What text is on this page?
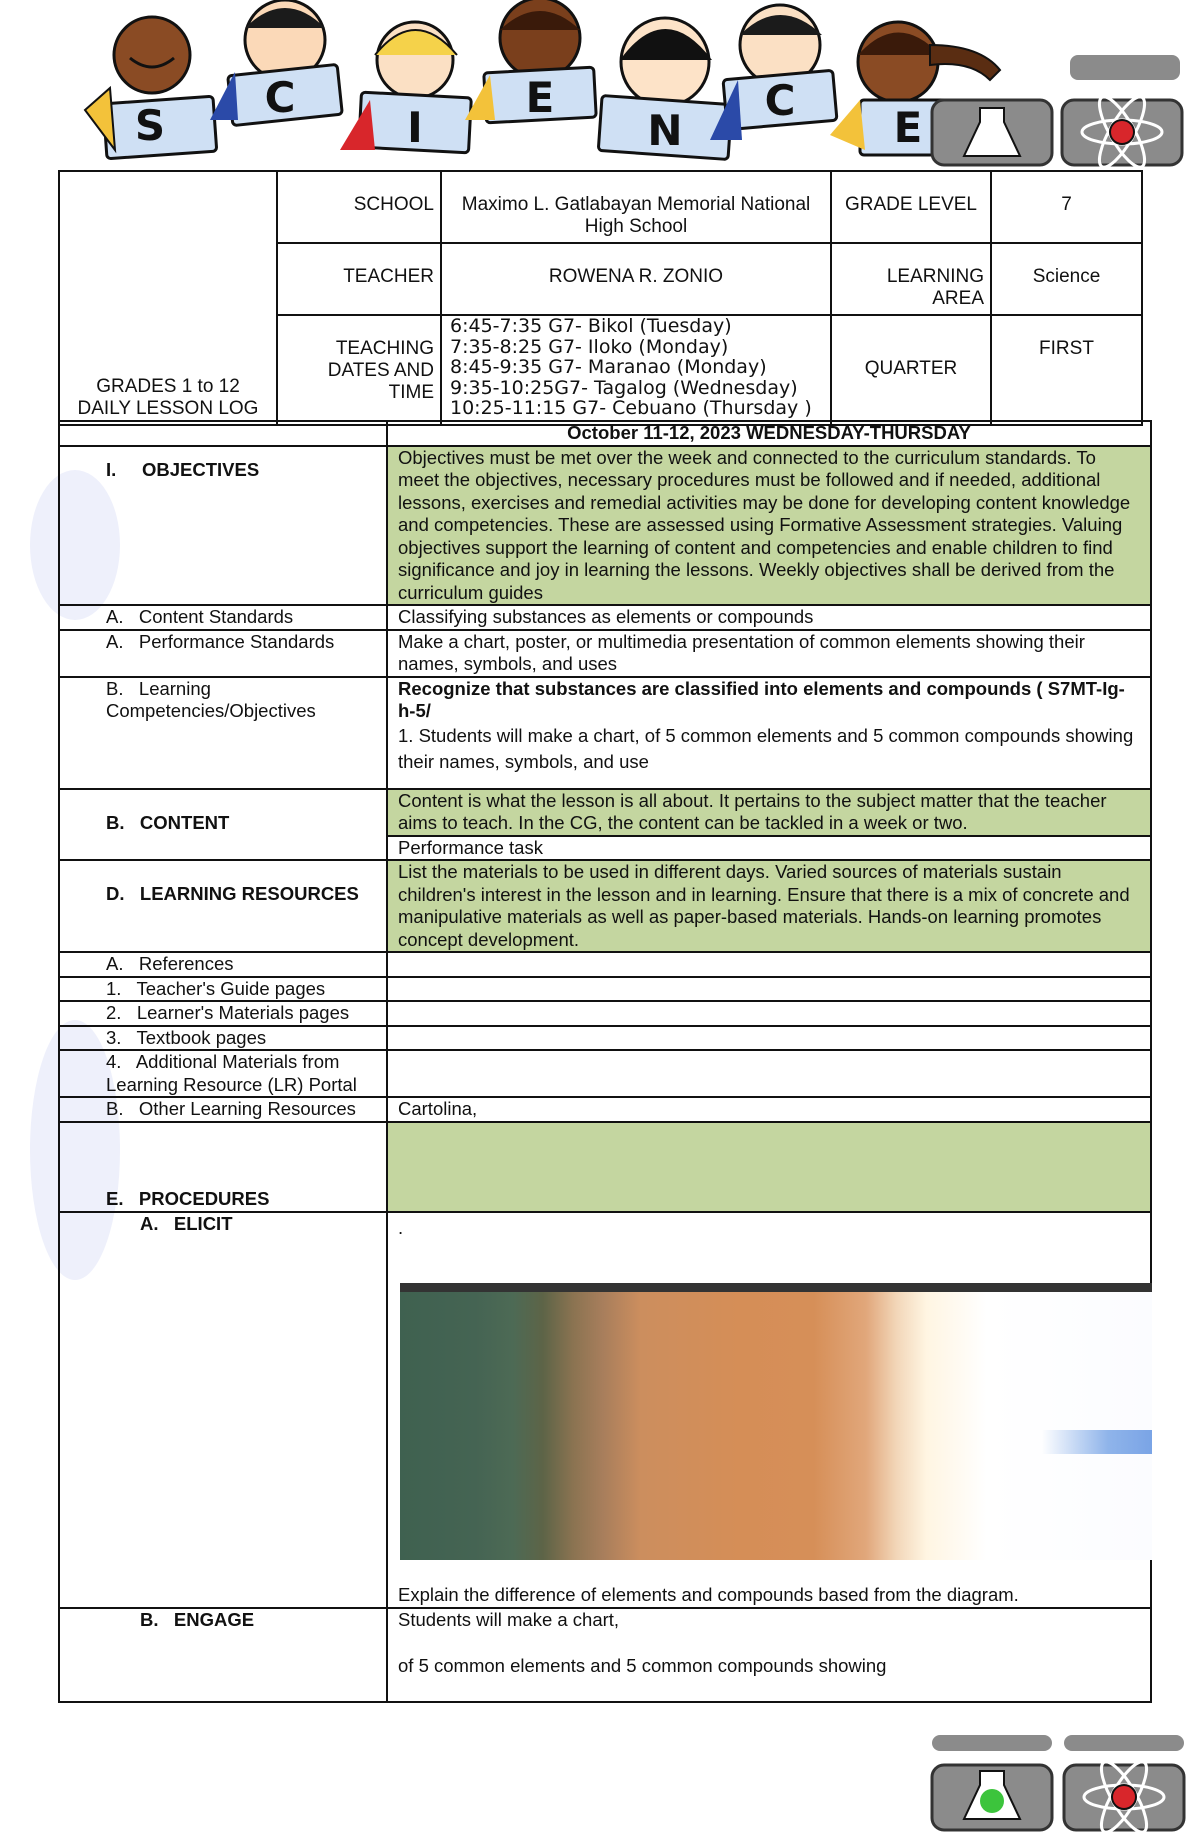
S
C
I
E
N
C
E
GRADES 1 to 12
DAILY LESSON LOG	SCHOOL	Maximo L. Gatlabayan Memorial National High School	GRADE LEVEL	7
	TEACHER	ROWENA R. ZONIO	LEARNING AREA	Science
	TEACHING DATES AND TIME	6:45-7:35 G7- Bikol (Tuesday)
7:35-8:25 G7- Iloko (Monday)
8:45-9:35 G7- Maranao (Monday)
9:35-10:25G7- Tagalog (Wednesday)
10:25-11:15 G7- Cebuano (Thursday )	QUARTER	FIRST
	October 11-12, 2023 WEDNESDAY-THURSDAY
I.     OBJECTIVES	Objectives must be met over the week and connected to the curriculum standards. To meet the objectives, necessary procedures must be followed and if needed, additional lessons, exercises and remedial activities may be done for developing content knowledge and competencies. These are assessed using Formative Assessment strategies. Valuing objectives support the learning of content and competencies and enable children to find significance and joy in learning the lessons. Weekly objectives shall be derived from the curriculum guides
A.   Content Standards	Classifying substances as elements or compounds
A.   Performance Standards	Make a chart, poster, or multimedia presentation of common elements showing their names, symbols, and uses
B.   Learning Competencies/Objectives	Recognize that substances are classified into elements and compounds ( S7MT-Ig-h-5/
1. Students will make a chart, of 5 common elements and 5 common compounds showing their names, symbols, and use

B.   CONTENT	Content is what the lesson is all about. It pertains to the subject matter that the teacher aims to teach. In the CG, the content can be tackled in a week or two.
Performance task

D.   LEARNING RESOURCES	List the materials to be used in different days. Varied sources of materials sustain children's interest in the lesson and in learning. Ensure that there is a mix of concrete and manipulative materials as well as paper-based materials. Hands-on learning promotes concept development.
A.   References	
1.   Teacher's Guide pages	
2.   Learner's Materials pages	
3.   Textbook pages	
4.   Additional Materials from Learning Resource (LR) Portal	
B.   Other Learning Resources	Cartolina,
E.   PROCEDURES	
A.   ELICIT	.
Explain the difference of elements and compounds based from the diagram.

B.   ENGAGE	Students will make a chart,
of 5 common elements and 5 common compounds showing
